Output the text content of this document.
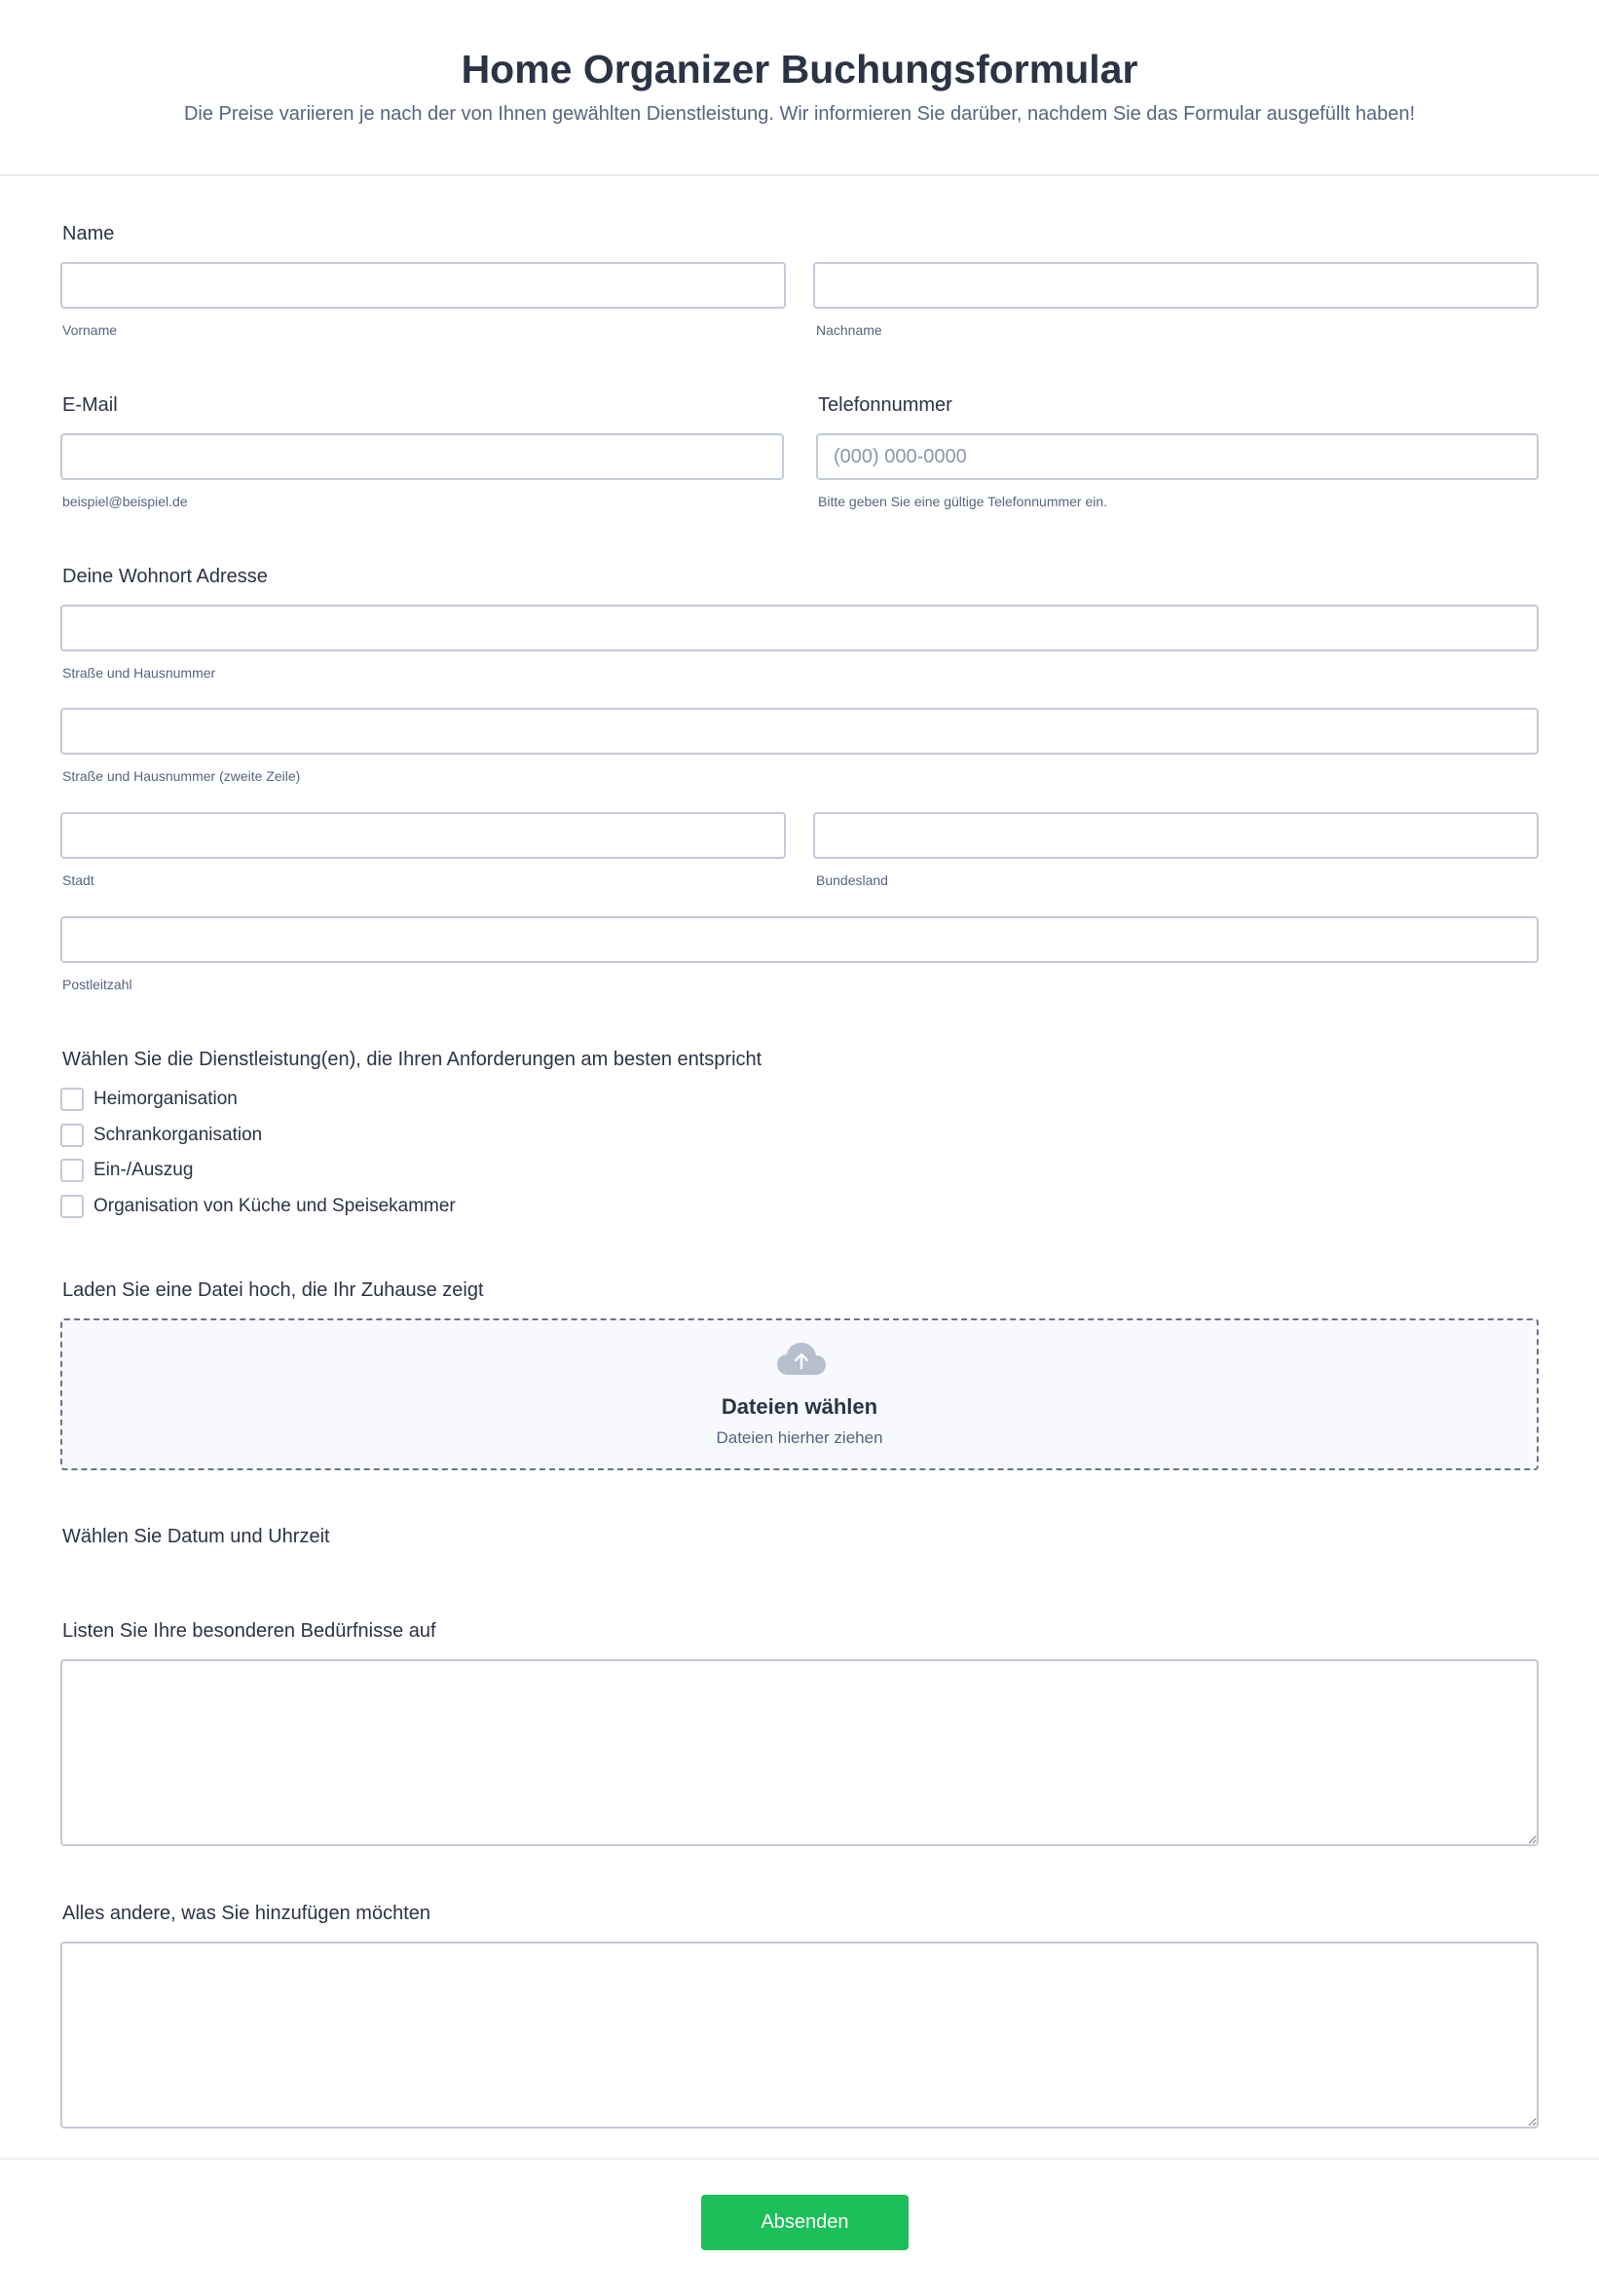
Home Organizer Buchungsformular

Die Preise variieren je nach der von Ihnen gewählten Dienstleistung. Wir informieren Sie darüber, nachdem Sie das Formular ausgefüllt haben!

Name
Vorname	Nachname
E-Mail	Telefonnummer
(000) 000-0000
beispiel@beispiel.de	Bitte geben Sie eine gültige Telefonnummer ein.
Deine Wohnort Adresse
Straße und Hausnummer
Straße und Hausnummer (zweite Zeile)
Stadt	Bundesland
Postleitzahl
Wählen Sie die Dienstleistung(en), die Ihren Anforderungen am besten entspricht
Heimorganisation
Schrankorganisation
Ein-/Auszug
Organisation von Küche und Speisekammer
Laden Sie eine Datei hoch, die Ihr Zuhause zeigt
Dateien wählen
Dateien hierher ziehen
Wählen Sie Datum und Uhrzeit
Listen Sie Ihre besonderen Bedürfnisse auf
Alles andere, was Sie hinzufügen möchten
Absenden
